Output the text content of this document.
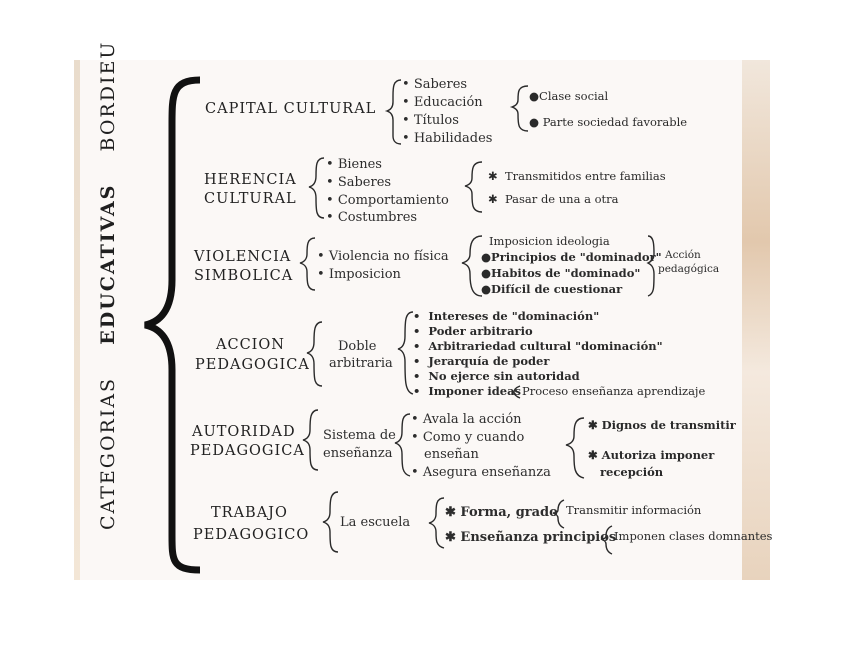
CATEGORIAS    EDUCATIVAS    BORDIEU	CAPITAL CULTURAL
• Saberes
• Educación
• Títulos
• Habilidades
●Clase social
● Parte sociedad favorable
HERENCIA
CULTURAL
• Bienes
• Saberes
• Comportamiento
• Costumbres
✱  Transmitidos entre familias
✱  Pasar de una a otra
VIOLENCIA
SIMBOLICA
• Violencia no física
• Imposicion
Imposicion ideologia
●Principios de "dominador"
●Habitos de "dominado"
●Difícil de cuestionar
Acción
pedagógica
ACCION
PEDAGOGICA
Doble
arbitraria
•  Intereses de "dominación"
•  Poder arbitrario
•  Arbitrariedad cultural "dominación"
•  Jerarquía de poder
•  No ejerce sin autoridad
•  Imponer ideas Proceso enseñanza aprendizaje
AUTORIDAD
PEDAGOGICA
Sistema de
enseñanza
• Avala la acción
• Como y cuando
enseñan
• Asegura enseñanza
✱ Dignos de transmitir
✱ Autoriza imponer
recepción
TRABAJO
PEDAGOGICO
La escuela
✱ Forma, grado
✱ Enseñanza principios
Transmitir información
Imponen clases domnantes
